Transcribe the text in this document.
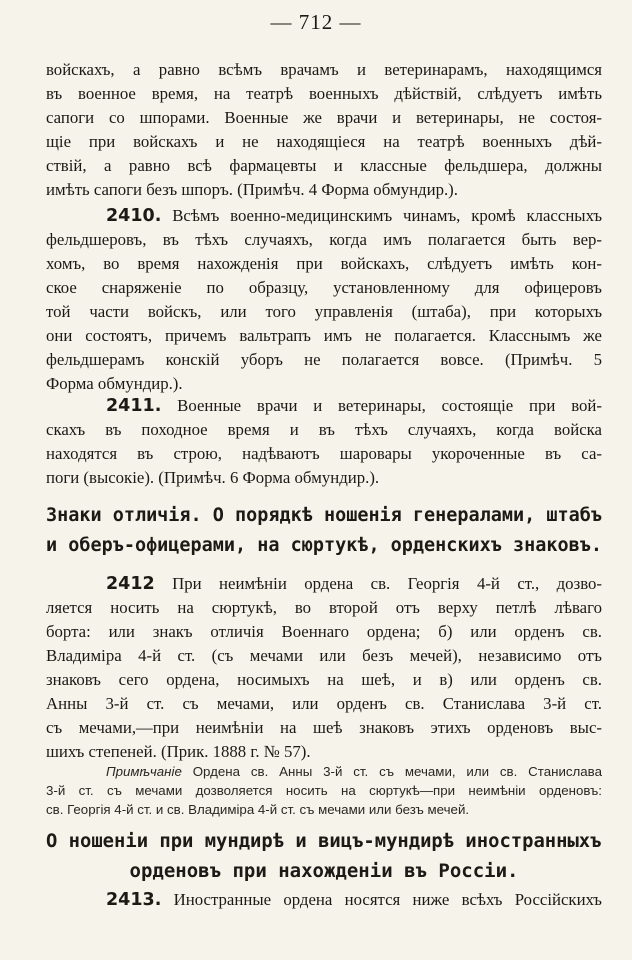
— 712 —
войскахъ, а равно всѣмъ врачамъ и ветеринарамъ, находящимся
въ военное время, на театрѣ военныхъ дѣйствій, слѣдуетъ имѣть
сапоги со шпорами. Военные же врачи и ветеринары, не состоя-
щіе при войскахъ и не находящіеся на театрѣ военныхъ дѣй-
ствій, а равно всѣ фармацевты и классные фельдшера, должны
имѣть сапоги безъ шпоръ. (Примѣч. 4 Форма обмундир.).
2410. Всѣмъ военно-медицинскимъ чинамъ, кромѣ классныхъ
фельдшеровъ, въ тѣхъ случаяхъ, когда имъ полагается быть вер-
хомъ, во время нахожденія при войскахъ, слѣдуетъ имѣть кон-
ское снаряженіе по образцу, установленному для офицеровъ
той части войскъ, или того управленія (штаба), при которыхъ
они состоятъ, причемъ вальтрапъ имъ не полагается. Класснымъ же
фельдшерамъ конскій уборъ не полагается вовсе. (Примѣч. 5
Форма обмундир.).
2411. Военные врачи и ветеринары, состоящіе при вой-
скахъ въ походное время и въ тѣхъ случаяхъ, когда войска
находятся въ строю, надѣваютъ шаровары укороченные въ са-
поги (высокіе). (Примѣч. 6 Форма обмундир.).
Знаки отличія. О порядкѣ ношенія генералами, штабъ
и оберъ-офицерами, на сюртукѣ, орденскихъ знаковъ.
2412 При неимѣніи ордена св. Георгія 4-й ст., дозво-
ляется носить на сюртукѣ, во второй отъ верху петлѣ лѣваго
борта: или знакъ отличія Военнаго ордена; б) или орденъ св.
Владиміра 4-й ст. (съ мечами или безъ мечей), независимо отъ
знаковъ сего ордена, носимыхъ на шеѣ, и в) или орденъ св.
Анны 3-й ст. съ мечами, или орденъ св. Станислава 3-й ст.
съ мечами,—при неимѣніи на шеѣ знаковъ этихъ орденовъ выс-
шихъ степеней. (Прик. 1888 г. № 57).
Примѣчаніе Ордена св. Анны 3-й ст. съ мечами, или св. Станислава
3-й ст. съ мечами дозволяется носить на сюртукѣ—при неимѣніи орденовъ:
св. Георгія 4-й ст. и св. Владиміра 4-й ст. съ мечами или безъ мечей.
О ношеніи при мундирѣ и вицъ-мундирѣ иностранныхъ
орденовъ при нахожденіи въ Россіи.
2413. Иностранные ордена носятся ниже всѣхъ Россійскихъ
